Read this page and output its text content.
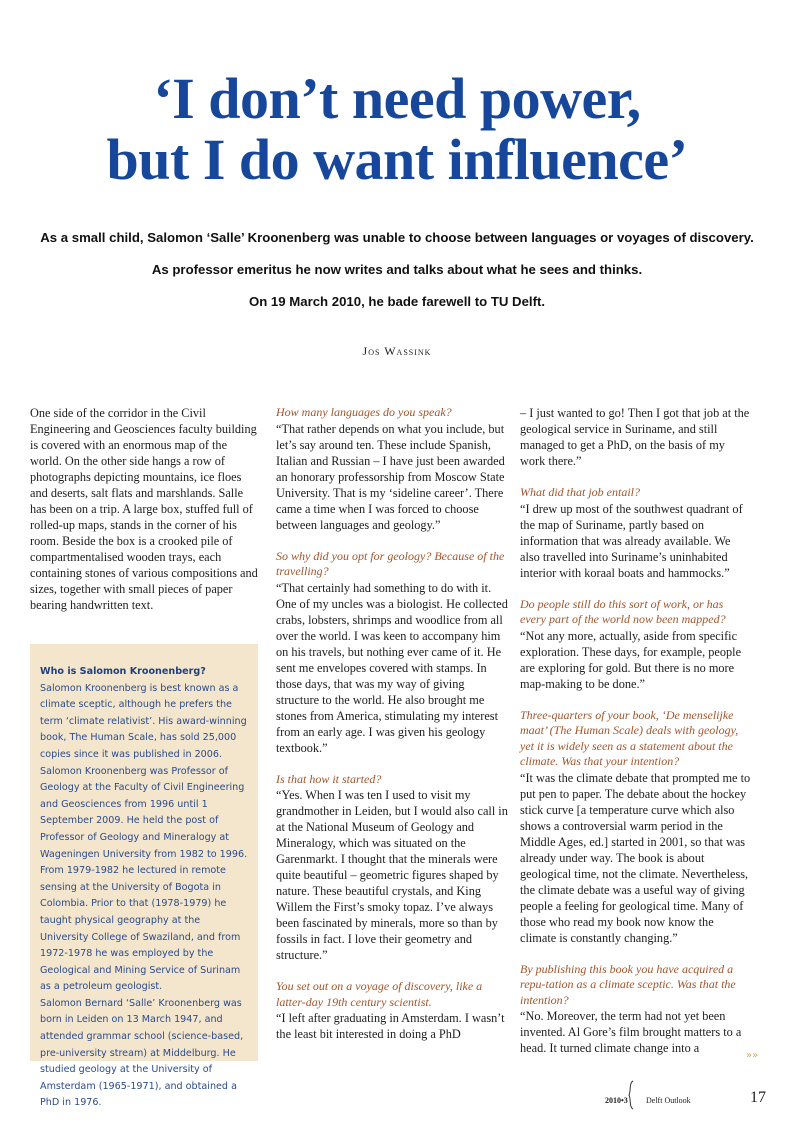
‘I don’t need power,
but I do want influence’
As a small child, Salomon ‘Salle’ Kroonenberg was unable to choose between languages or voyages of discovery.
As professor emeritus he now writes and talks about what he sees and thinks.
On 19 March 2010, he bade farewell to TU Delft.
Jos Wassink

One side of the corridor in the Civil Engineering and Geosciences faculty building is covered with an enormous map of the world. On the other side hangs a row of photographs depicting mountains, ice floes and deserts, salt flats and marshlands. Salle has been on a trip. A large box, stuffed full of rolled-up maps, stands in the corner of his room. Beside the box is a crooked pile of compartmentalised wooden trays, each containing stones of various compositions and sizes, together with small pieces of paper bearing handwritten text.

Who is Salomon Kroonenberg?

Salomon Kroonenberg is best known as a climate sceptic, although he prefers the term ‘climate relativist’. His award-winning book, The Human Scale, has sold 25,000 copies since it was published in 2006.

Salomon Kroonenberg was Professor of Geology at the Faculty of Civil Engineering and Geosciences from 1996 until 1 September 2009. He held the post of Professor of Geology and Mineralogy at Wageningen University from 1982 to 1996. From 1979-1982 he lectured in remote sensing at the University of Bogota in Colombia. Prior to that (1978-1979) he taught physical geography at the University College of Swaziland, and from 1972-1978 he was employed by the Geological and Mining Service of Surinam as a petroleum geologist.

Salomon Bernard ‘Salle’ Kroonenberg was born in Leiden on 13 March 1947, and attended grammar school (science-based, pre-university stream) at Middelburg. He studied geology at the University of Amsterdam (1965-1971), and obtained a PhD in 1976.

How many languages do you speak?

“That rather depends on what you include, but let’s say around ten. These include Spanish, Italian and Russian – I have just been awarded an honorary professorship from Moscow State University. That is my ‘sideline career’. There came a time when I was forced to choose between languages and geology.”

So why did you opt for geology? Because of the travelling?

“That certainly had something to do with it. One of my uncles was a biologist. He collected crabs, lobsters, shrimps and woodlice from all over the world. I was keen to accompany him on his travels, but nothing ever came of it. He sent me envelopes covered with stamps. In those days, that was my way of giving structure to the world. He also brought me stones from America, stimulating my interest from an early age. I was given his geology textbook.”

Is that how it started?

“Yes. When I was ten I used to visit my grandmother in Leiden, but I would also call in at the National Museum of Geology and Mineralogy, which was situated on the Garenmarkt. I thought that the minerals were quite beautiful – geometric figures shaped by nature. These beautiful crystals, and King Willem the First’s smoky topaz. I’ve always been fascinated by minerals, more so than by fossils in fact. I love their geometry and structure.”

You set out on a voyage of discovery, like a latter-day 19th century scientist.

“I left after graduating in Amsterdam. I wasn’t the least bit interested in doing a PhD

– I just wanted to go! Then I got that job at the geological service in Suriname, and still managed to get a PhD, on the basis of my work there.”

What did that job entail?

“I drew up most of the southwest quadrant of the map of Suriname, partly based on information that was already available. We also travelled into Suriname’s uninhabited interior with koraal boats and hammocks.”

Do people still do this sort of work, or has every part of the world now been mapped?

“Not any more, actually, aside from specific exploration. These days, for example, people are exploring for gold. But there is no more map-making to be done.”

Three-quarters of your book, ‘De menselijke maat’ (The Human Scale) deals with geology, yet it is widely seen as a statement about the climate. Was that your intention?

“It was the climate debate that prompted me to put pen to paper. The debate about the hockey stick curve [a temperature curve which also shows a controversial warm period in the Middle Ages, ed.] started in 2001, so that was already under way. The book is about geological time, not the climate. Nevertheless, the climate debate was a useful way of giving people a feeling for geological time. Many of those who read my book now know the climate is constantly changing.”

By publishing this book you have acquired a repu-tation as a climate sceptic. Was that the intention?

“No. Moreover, the term had not yet been invented. Al Gore’s film brought matters to a head. It turned climate change into a

»»
2010•3 Delft Outlook	17
